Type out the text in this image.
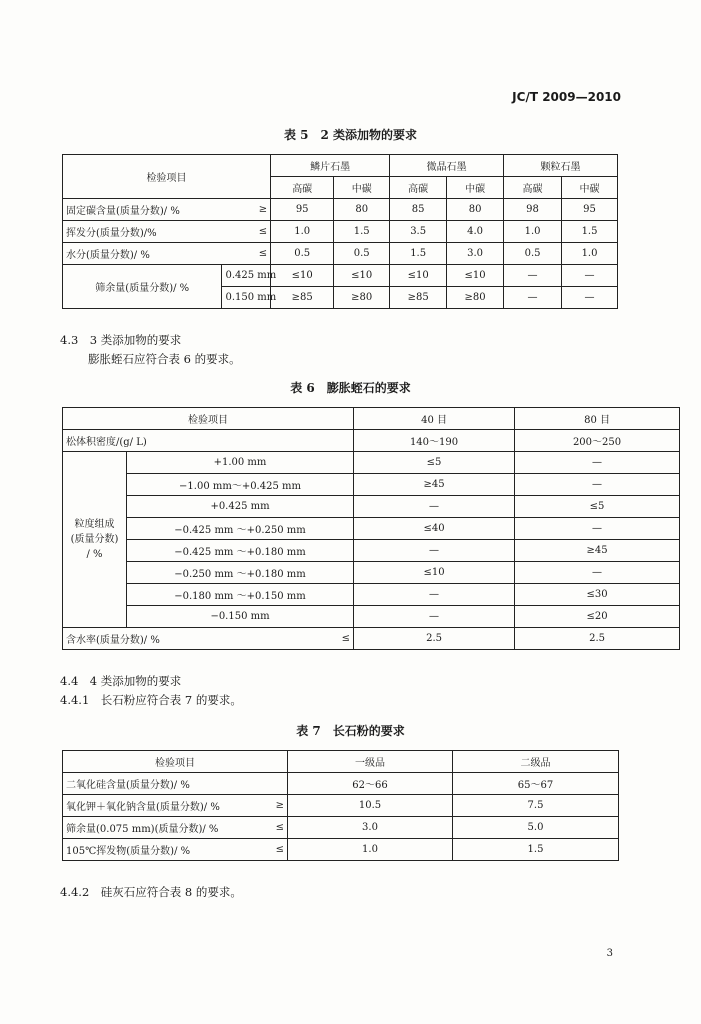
JC/T 2009—2010
表 5　2 类添加物的要求
检验项目		鳞片石墨		微晶石墨		颗粒石墨	
		高碳	中碳	高碳	中碳	高碳	中碳
固定碳含量(质量分数)/ %	≥	95	80	85	80	98	95
挥发分(质量分数)/%	≤	1.0	1.5	3.5	4.0	1.0	1.5
水分(质量分数)/ %	≤	0.5	0.5	1.5	3.0	0.5	1.0
筛余量(质量分数)/ %	0.425 mm	≤10	≤10	≤10	≤10	—	—
	0.150 mm	≥85	≥80	≥85	≥80	—	—
4.3　3 类添加物的要求
膨胀蛭石应符合表 6 的要求。
表 6　膨胀蛭石的要求
检验项目			40 目	80 目
松体积密度/(g/ L)			140～190	200～250
粒度组成
(质量分数)
/ %	+1.00 mm		≤5	—
	−1.00 mm～+0.425 mm		≥45	—
	+0.425 mm		—	≤5
	−0.425 mm ～+0.250 mm		≤40	—
	−0.425 mm ～+0.180 mm		—	≥45
	−0.250 mm ～+0.180 mm		≤10	—
	−0.180 mm ～+0.150 mm		—	≤30
	−0.150 mm		—	≤20
含水率(质量分数)/ %		≤	2.5	2.5
4.4　4 类添加物的要求
4.4.1　长石粉应符合表 7 的要求。
表 7　长石粉的要求
检验项目		一级品	二级品
二氧化硅含量(质量分数)/ %		62～66	65～67
氧化钾＋氧化钠含量(质量分数)/ %	≥	10.5	7.5
筛余量(0.075 mm)(质量分数)/ %	≤	3.0	5.0
105℃挥发物(质量分数)/ %	≤	1.0	1.5
4.4.2　硅灰石应符合表 8 的要求。
3
